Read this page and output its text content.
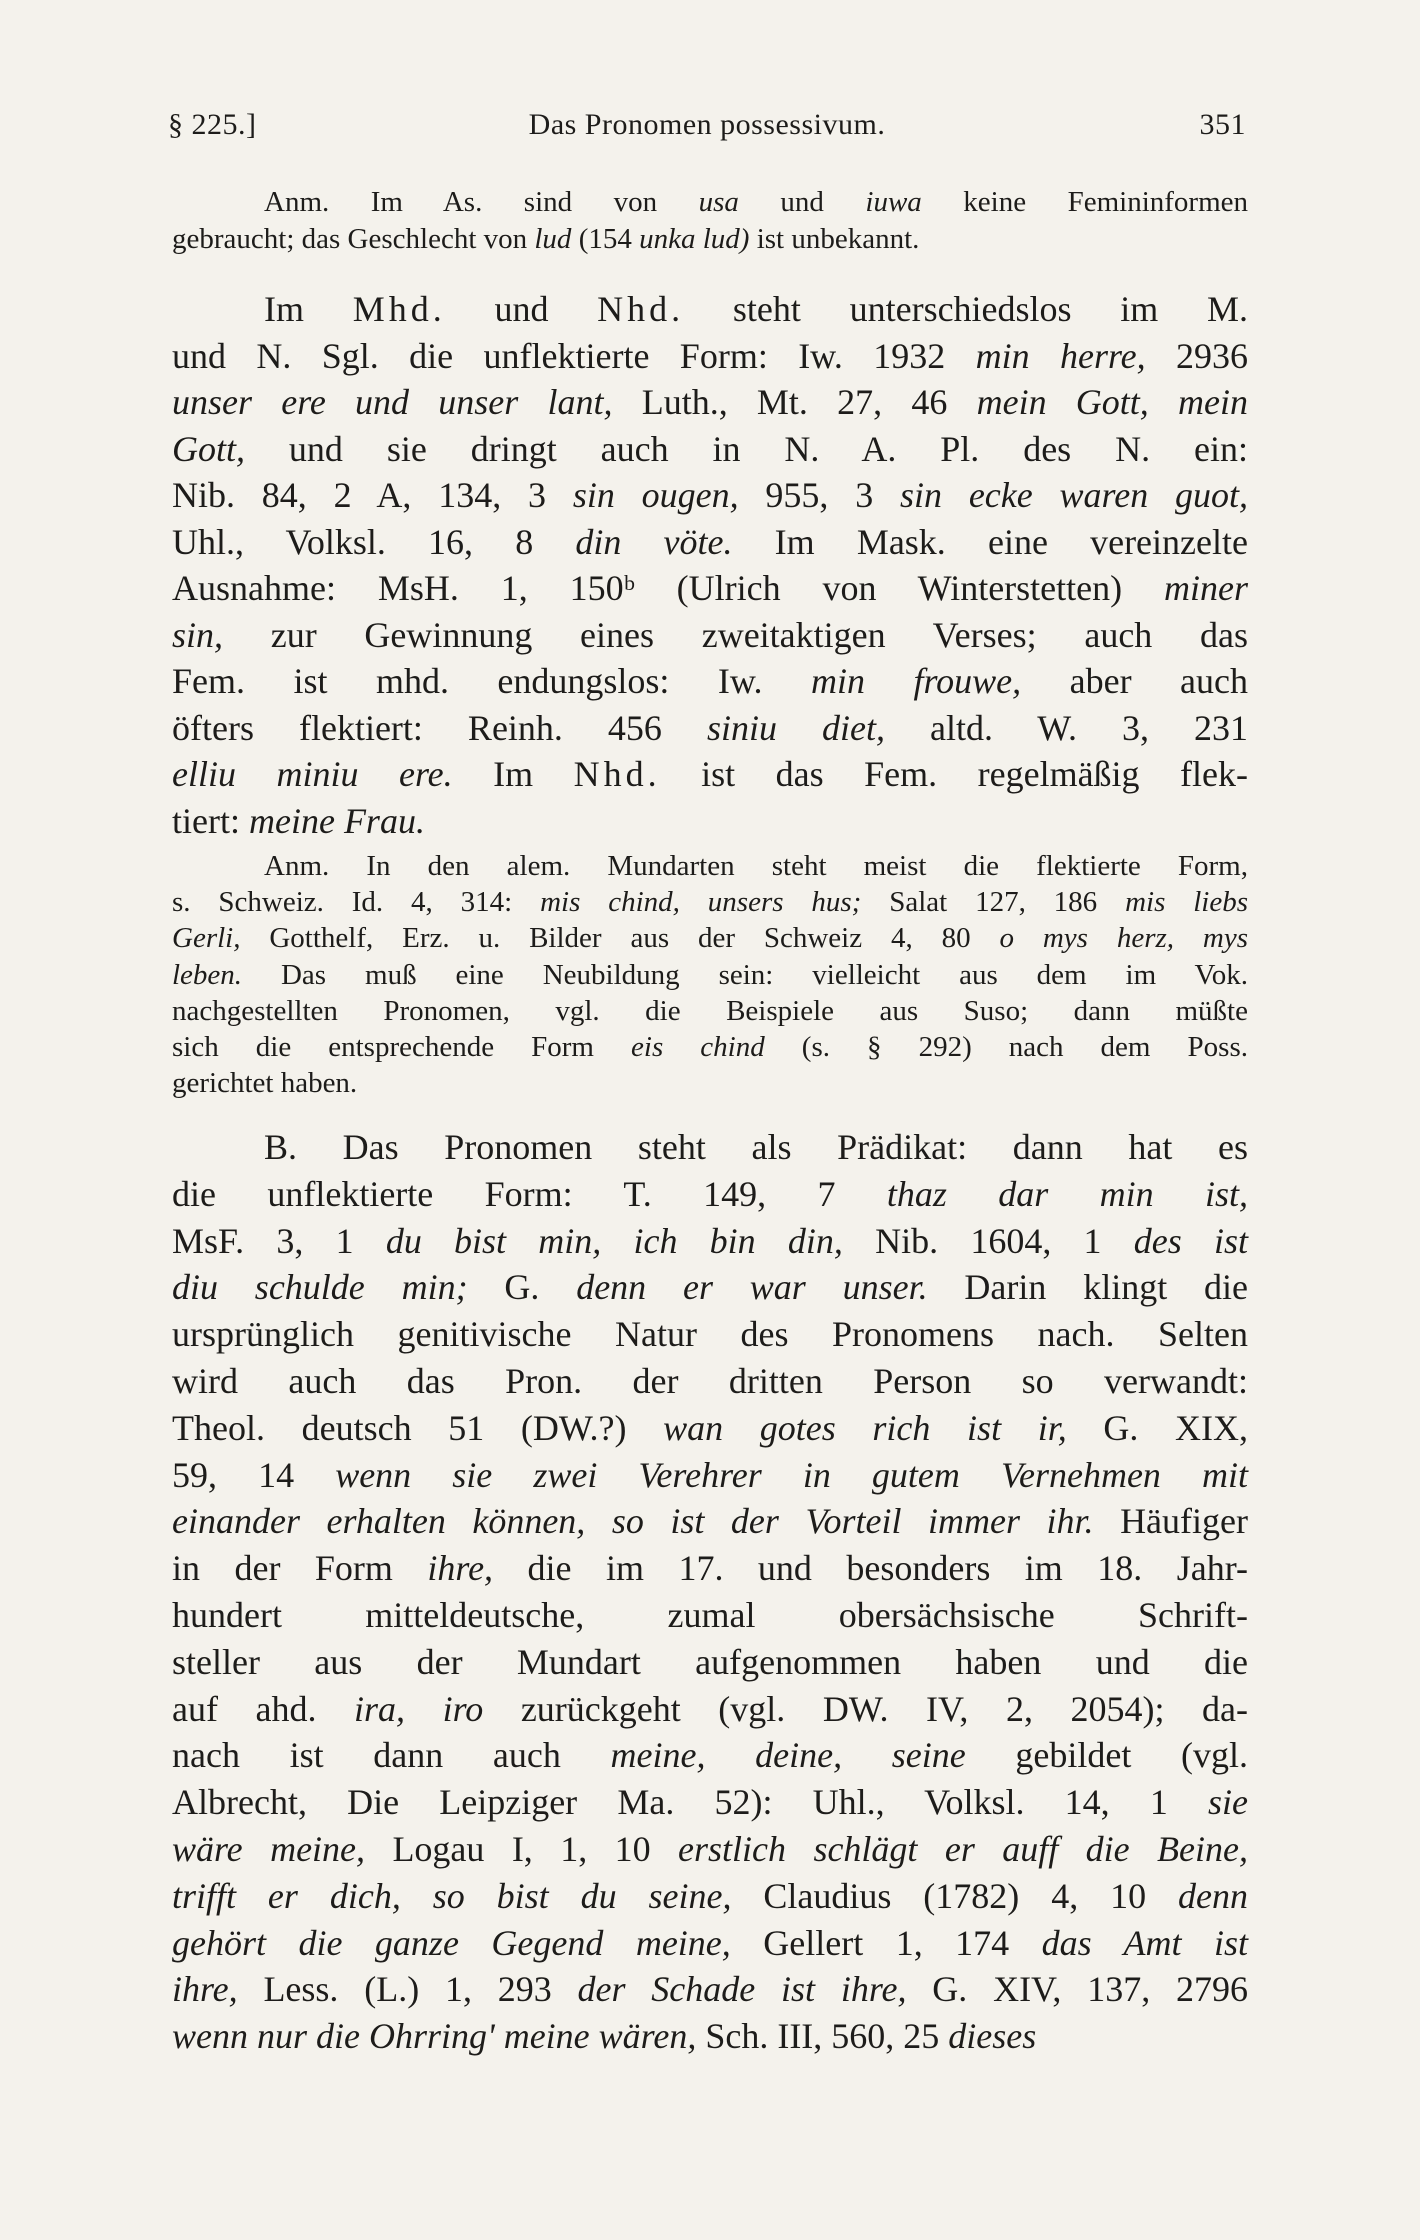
§ 225.]	Das Pronomen possessivum.	351
Anm. Im As. sind von usa und iuwa keine Femininformen
gebraucht; das Geschlecht von lud (154 unka lud) ist unbekannt.
Im Mhd. und Nhd. steht unterschiedslos im M.
und N. Sgl. die unflektierte Form: Iw. 1932 min herre, 2936
unser ere und unser lant, Luth., Mt. 27, 46 mein Gott, mein
Gott, und sie dringt auch in N. A. Pl. des N. ein:
Nib. 84, 2 A, 134, 3 sin ougen, 955, 3 sin ecke waren guot,
Uhl., Volksl. 16, 8 din vöte. Im Mask. eine vereinzelte
Ausnahme: MsH. 1, 150ᵇ (Ulrich von Winterstetten) miner
sin, zur Gewinnung eines zweitaktigen Verses; auch das
Fem. ist mhd. endungslos: Iw. min frouwe, aber auch
öfters flektiert: Reinh. 456 siniu diet, altd. W. 3, 231
elliu miniu ere. Im Nhd. ist das Fem. regelmäßig flek-
tiert: meine Frau.
Anm. In den alem. Mundarten steht meist die flektierte Form,
s. Schweiz. Id. 4, 314: mis chind, unsers hus; Salat 127, 186 mis liebs
Gerli, Gotthelf, Erz. u. Bilder aus der Schweiz 4, 80 o mys herz, mys
leben. Das muß eine Neubildung sein: vielleicht aus dem im Vok.
nachgestellten Pronomen, vgl. die Beispiele aus Suso; dann müßte
sich die entsprechende Form eis chind (s. § 292) nach dem Poss.
gerichtet haben.
B. Das Pronomen steht als Prädikat: dann hat es
die unflektierte Form: T. 149, 7 thaz dar min ist,
MsF. 3, 1 du bist min, ich bin din, Nib. 1604, 1 des ist
diu schulde min; G. denn er war unser. Darin klingt die
ursprünglich genitivische Natur des Pronomens nach. Selten
wird auch das Pron. der dritten Person so verwandt:
Theol. deutsch 51 (DW.?) wan gotes rich ist ir, G. XIX,
59, 14 wenn sie zwei Verehrer in gutem Vernehmen mit
einander erhalten können, so ist der Vorteil immer ihr. Häufiger
in der Form ihre, die im 17. und besonders im 18. Jahr-
hundert mitteldeutsche, zumal obersächsische Schrift-
steller aus der Mundart aufgenommen haben und die
auf ahd. ira, iro zurückgeht (vgl. DW. IV, 2, 2054); da-
nach ist dann auch meine, deine, seine gebildet (vgl.
Albrecht, Die Leipziger Ma. 52): Uhl., Volksl. 14, 1 sie
wäre meine, Logau I, 1, 10 erstlich schlägt er auff die Beine,
trifft er dich, so bist du seine, Claudius (1782) 4, 10 denn
gehört die ganze Gegend meine, Gellert 1, 174 das Amt ist
ihre, Less. (L.) 1, 293 der Schade ist ihre, G. XIV, 137, 2796
wenn nur die Ohrring' meine wären, Sch. III, 560, 25 dieses
